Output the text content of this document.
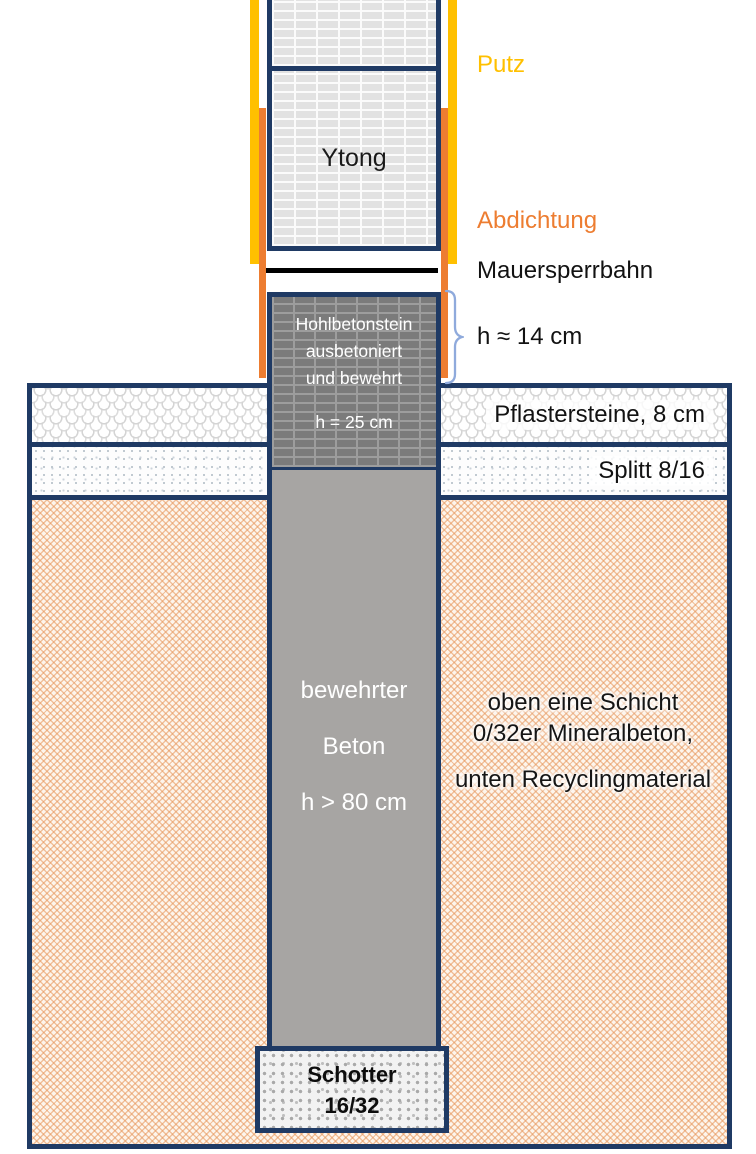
Pflastersteine, 8 cm
Splitt 8/16
oben eine Schicht
0/32er Mineralbeton,
unten Recyclingmaterial
Ytong
Hohlbetonstein
ausbetoniert
und bewehrt
h = 25 cm
bewehrter
Beton
h > 80 cm
Schotter
16/32
Putz
Abdichtung
Mauersperrbahn
h ≈ 14 cm
